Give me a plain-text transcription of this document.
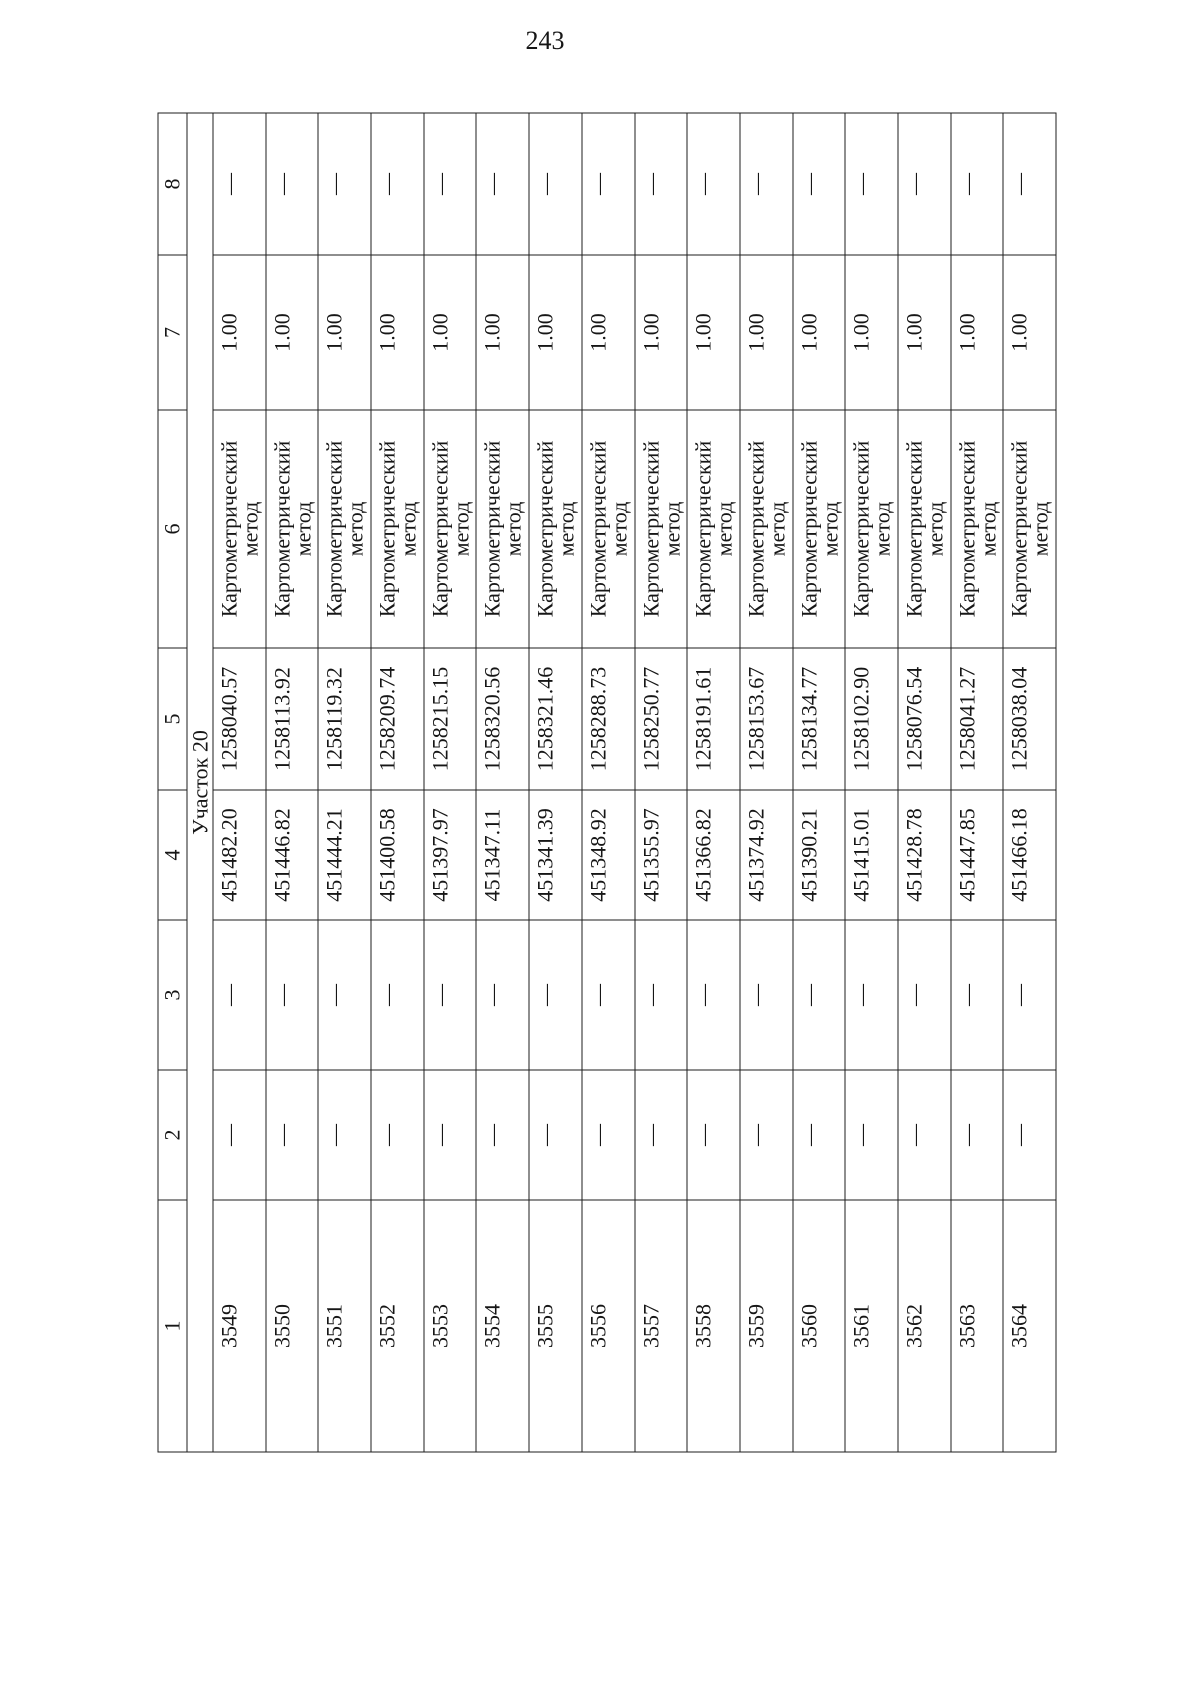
243
1	2	3	4	5	6	7	8
Участок 20							
3549	—	—	451482.20	1258040.57	Картометрический метод	1.00	—
3550	—	—	451446.82	1258113.92	Картометрический метод	1.00	—
3551	—	—	451444.21	1258119.32	Картометрический метод	1.00	—
3552	—	—	451400.58	1258209.74	Картометрический метод	1.00	—
3553	—	—	451397.97	1258215.15	Картометрический метод	1.00	—
3554	—	—	451347.11	1258320.56	Картометрический метод	1.00	—
3555	—	—	451341.39	1258321.46	Картометрический метод	1.00	—
3556	—	—	451348.92	1258288.73	Картометрический метод	1.00	—
3557	—	—	451355.97	1258250.77	Картометрический метод	1.00	—
3558	—	—	451366.82	1258191.61	Картометрический метод	1.00	—
3559	—	—	451374.92	1258153.67	Картометрический метод	1.00	—
3560	—	—	451390.21	1258134.77	Картометрический метод	1.00	—
3561	—	—	451415.01	1258102.90	Картометрический метод	1.00	—
3562	—	—	451428.78	1258076.54	Картометрический метод	1.00	—
3563	—	—	451447.85	1258041.27	Картометрический метод	1.00	—
3564	—	—	451466.18	1258038.04	Картометрический метод	1.00	—
